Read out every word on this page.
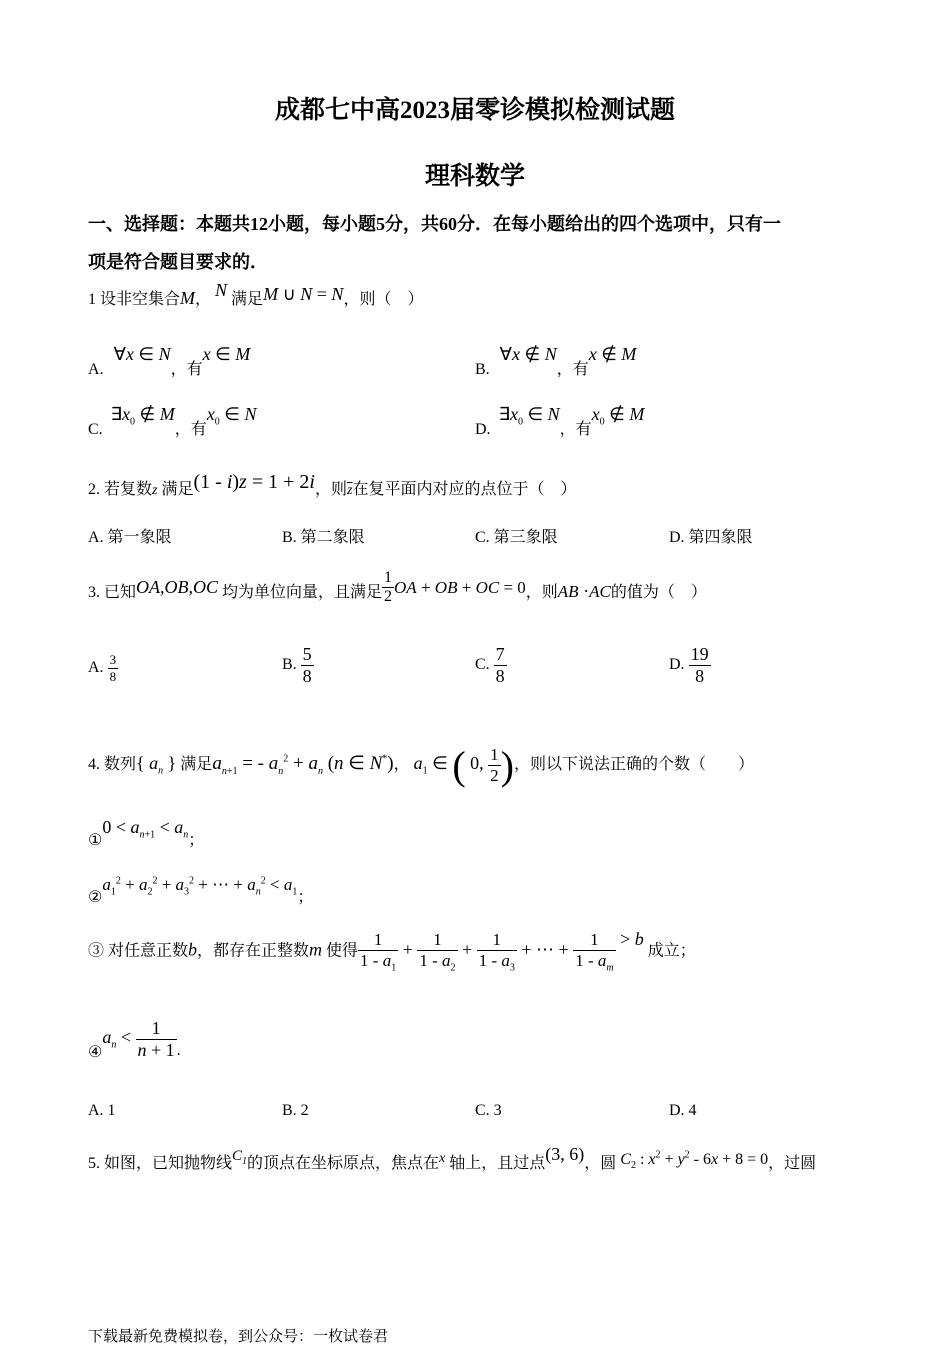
成都七中高2023届零诊模拟检测试题
理科数学
一、选择题：本题共12小题，每小题5分，共60分．在每小题给出的四个选项中，只有一
项是符合题目要求的．
1 设非空集合M， N 满足M ∪ N = N，则（　）
A. ∀x ∈ N，有x ∈ M
B. ∀x ∉ N，有x ∉ M
C. $\exists x_0$ ∉ M，有$x_0$ ∈ N
D. $\exists x_0$ ∈ N，有$x_0$ ∉ M
2. 若复数z 满足(1 - i)z = 1 + 2i，则$\overline{z}$在复平面内对应的点位于（　）
A. 第一象限	B. 第二象限	C. 第三象限	D. 第四象限
3. 已知OA,OB,OC 均为单位向量，且满足 $\frac{1}{2}$ OA + OB + OC = 0，则AB ·AC的值为（　）
A. $\frac{3}{8}$	B. $\frac{5}{8}$	C. $\frac{7}{8}$	D. $\frac{19}{8}$
4. 数列{ $a_n$ } 满足$a_{n+1}$ = - $a_n^2 + a_n$ (n ∈ N*)， $a_1$ ∈ ( 0, $\frac{1}{2}$ )，则以下说法正确的个数（　　）
①0 < $a_{n+1} < a_n$；
$②a_1^2 + a_2^2 + a_3^2$ + ⋯ + $a_n^2 < a_1$；
③ 对任意正数b，都存在正整数m 使得 $\frac{1}{1 - a_1} + \frac{1}{1 - a_2} + \frac{1}{1 - a_3}$ + ⋯ + $\frac{1}{1 - a_m} > b$ 成立；
$④a_n < \frac{1}{n + 1}$ .
A. 1	B. 2	C. 3	D. 4
5. 如图，已知抛物线$C_1$的顶点在坐标原点，焦点在x 轴上，且过点(3, 6)，圆 $C_2$ : $x^2 + y^2 - 6x + 8 = 0$，过圆
下载最新免费模拟卷，到公众号：一枚试卷君
